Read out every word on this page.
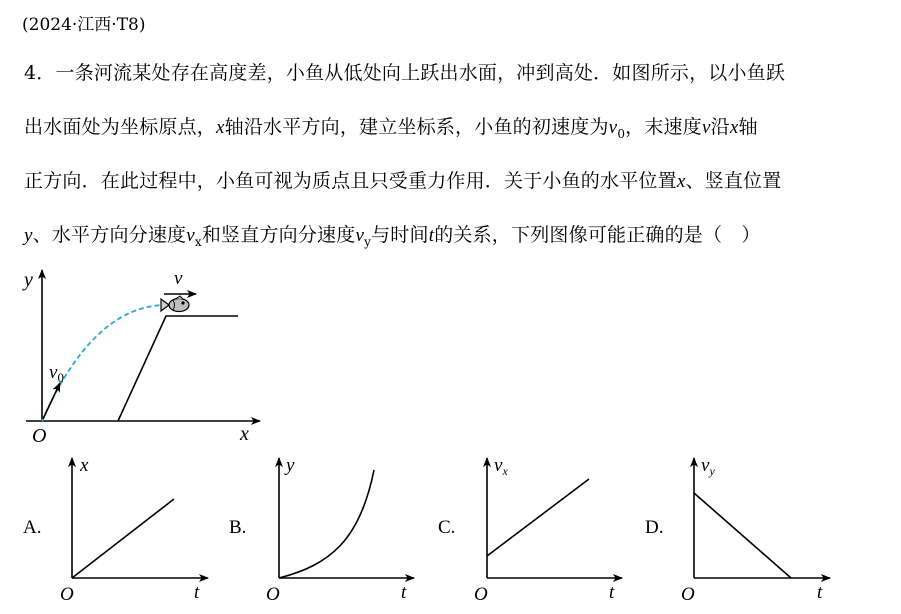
(2024·江西·T8)
4．一条河流某处存在高度差，小鱼从低处向上跃出水面，冲到高处．如图所示，以小鱼跃
出水面处为坐标原点，x轴沿水平方向，建立坐标系，小鱼的初速度为$v_0$，末速度v沿x轴
正方向．在此过程中，小鱼可视为质点且只受重力作用．关于小鱼的水平位置x、竖直位置
y、水平方向分速度$v_x$和竖直方向分速度$v_y$与时间t的关系，下列图像可能正确的是（　）
y
x
O
$v_0$
v
x
t
O
y
t
O
$v_x$
t
O
$v_y$
t
O
A.	B.	C.	D.
